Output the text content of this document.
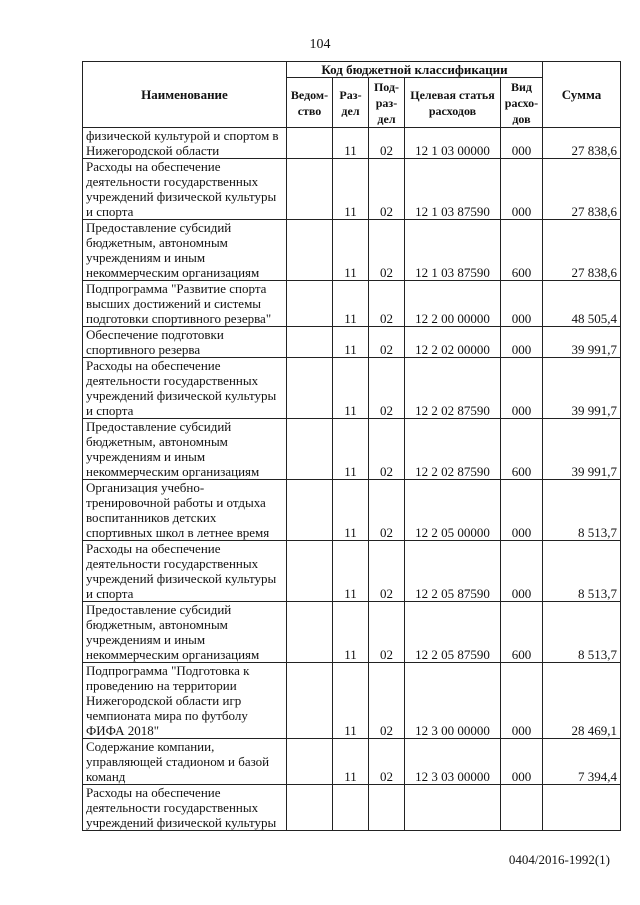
104
Наименование	Код бюджетной классификации					Сумма
	Ведом-ство	Раз-дел	Под-раз-дел	Целевая статья расходов	Вид расхо-дов	
физической культурой и спортом в Нижегородской области		11	02	12 1 03 00000	000	27 838,6
Расходы на обеспечение деятельности государственных учреждений физической культуры и спорта		11	02	12 1 03 87590	000	27 838,6
Предоставление субсидий бюджетным, автономным учреждениям и иным некоммерческим организациям		11	02	12 1 03 87590	600	27 838,6
Подпрограмма "Развитие спорта высших достижений и системы подготовки спортивного резерва"		11	02	12 2 00 00000	000	48 505,4
Обеспечение подготовки спортивного резерва		11	02	12 2 02 00000	000	39 991,7
Расходы на обеспечение деятельности государственных учреждений физической культуры и спорта		11	02	12 2 02 87590	000	39 991,7
Предоставление субсидий бюджетным, автономным учреждениям и иным некоммерческим организациям		11	02	12 2 02 87590	600	39 991,7
Организация учебно-тренировочной работы и отдыха воспитанников детских спортивных школ в летнее время		11	02	12 2 05 00000	000	8 513,7
Расходы на обеспечение деятельности государственных учреждений физической культуры и спорта		11	02	12 2 05 87590	000	8 513,7
Предоставление субсидий бюджетным, автономным учреждениям и иным некоммерческим организациям		11	02	12 2 05 87590	600	8 513,7
Подпрограмма "Подготовка к проведению на территории Нижегородской области игр чемпионата мира по футболу ФИФА 2018"		11	02	12 3 00 00000	000	28 469,1
Содержание компании, управляющей стадионом и базой команд		11	02	12 3 03 00000	000	7 394,4
Расходы на обеспечение деятельности государственных учреждений физической культуры						
0404/2016-1992(1)
